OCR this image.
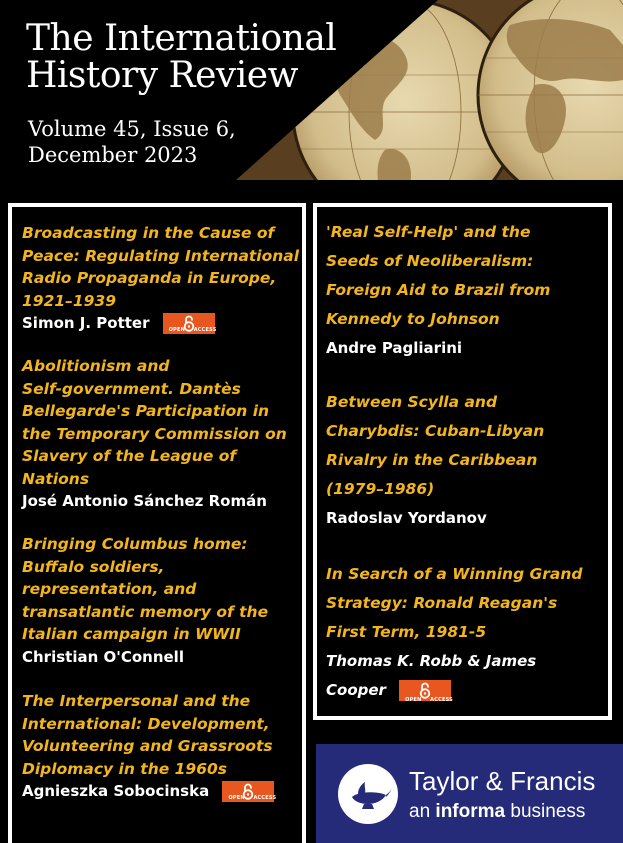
The International
History Review
Volume 45, Issue 6,
December 2023
Broadcasting in the Cause of
Peace: Regulating International
Radio Propaganda in Europe,
1921–1939
Simon J. Potter	OPEN ACCESS
Abolitionism and
Self-government. Dantès
Bellegarde's Participation in
the Temporary Commission on
Slavery of the League of
Nations
José Antonio Sánchez Román
Bringing Columbus home:
Buffalo soldiers,
representation, and
transatlantic memory of the
Italian campaign in WWII
Christian O'Connell
The Interpersonal and the
International: Development,
Volunteering and Grassroots
Diplomacy in the 1960s
Agnieszka Sobocinska	OPEN ACCESS
'Real Self-Help' and the
Seeds of Neoliberalism:
Foreign Aid to Brazil from
Kennedy to Johnson
Andre Pagliarini
Between Scylla and
Charybdis: Cuban-Libyan
Rivalry in the Caribbean
(1979–1986)
Radoslav Yordanov
In Search of a Winning Grand
Strategy: Ronald Reagan's
First Term, 1981-5
Thomas K. Robb & James
Cooper
OPEN ACCESS
Taylor & Francis
an informa business
